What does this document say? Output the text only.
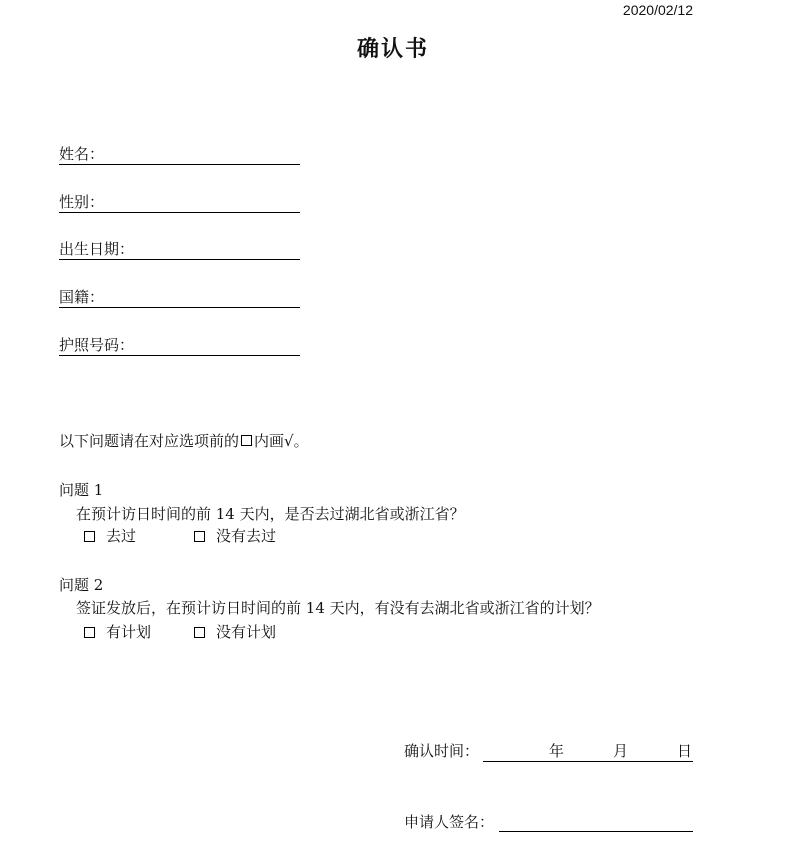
2020/02/12
确认书
姓名：
性别：
出生日期：
国籍：
护照号码：
以下问题请在对应选项前的 内画√。
问题 1
在预计访日时间的前 14 天内，是否去过湖北省或浙江省？
去过	没有去过
问题 2
签证发放后，在预计访日时间的前 14 天内，有没有去湖北省或浙江省的计划？
有计划	没有计划
确认时间：	年	月	日
申请人签名：
